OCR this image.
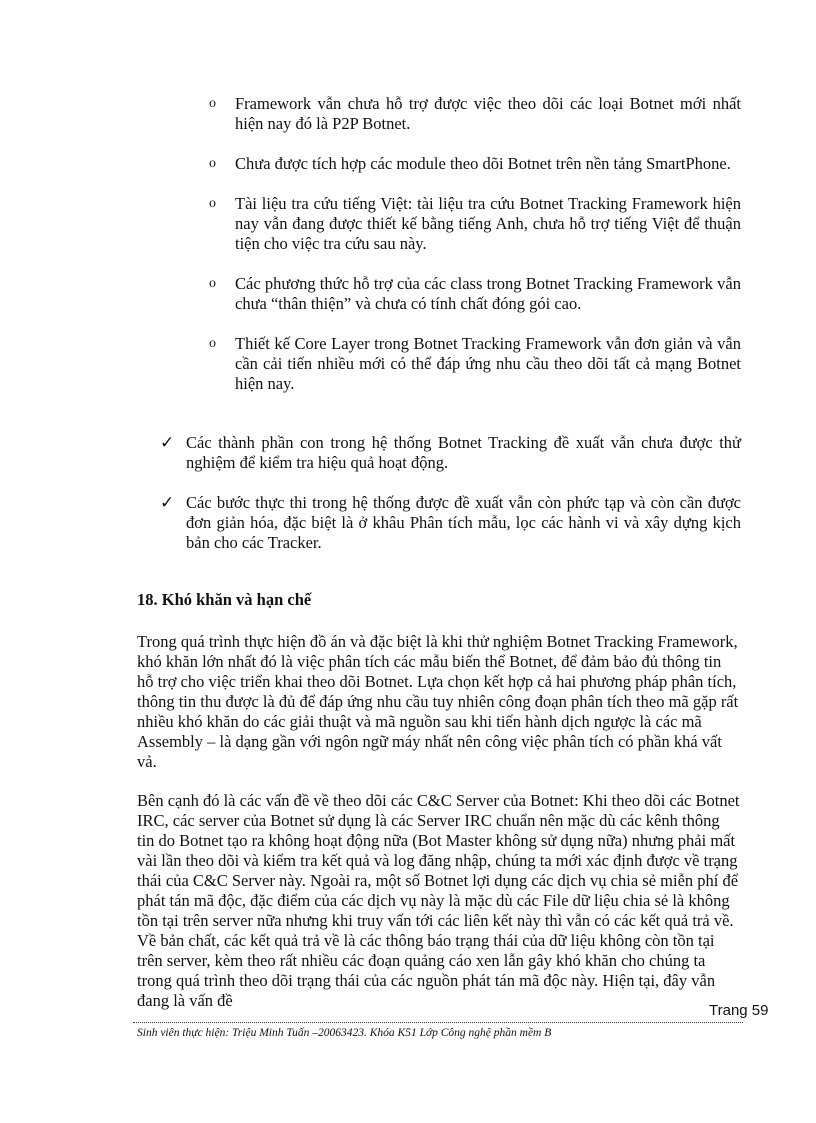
o Framework vẫn chưa hỗ trợ được việc theo dõi các loại Botnet mới nhất hiện nay đó là P2P Botnet.
o Chưa được tích hợp các module theo dõi Botnet trên nền tảng SmartPhone.
o Tài liệu tra cứu tiếng Việt: tài liệu tra cứu Botnet Tracking Framework hiện nay vẫn đang được thiết kế bằng tiếng Anh, chưa hỗ trợ tiếng Việt để thuận tiện cho việc tra cứu sau này.
o Các phương thức hỗ trợ của các class trong Botnet Tracking Framework vẫn chưa “thân thiện” và chưa có tính chất đóng gói cao.
o Thiết kế Core Layer trong Botnet Tracking Framework vẫn đơn giản và vẫn cần cải tiến nhiều mới có thể đáp ứng nhu cầu theo dõi tất cả mạng Botnet hiện nay.
✓ Các thành phần con trong hệ thống Botnet Tracking đề xuất vẫn chưa được thử nghiệm để kiểm tra hiệu quả hoạt động.
✓ Các bước thực thi trong hệ thống được đề xuất vẫn còn phức tạp và còn cần được đơn giản hóa, đặc biệt là ở khâu Phân tích mẫu, lọc các hành vi và xây dựng kịch bản cho các Tracker.
18. Khó khăn và hạn chế

Trong quá trình thực hiện đồ án và đặc biệt là khi thử nghiệm Botnet Tracking Framework, khó khăn lớn nhất đó là việc phân tích các mẫu biến thể Botnet, để đảm bảo đủ thông tin hỗ trợ cho việc triển khai theo dõi Botnet. Lựa chọn kết hợp cả hai phương pháp phân tích, thông tin thu được là đủ để đáp ứng nhu cầu tuy nhiên công đoạn phân tích theo mã gặp rất nhiều khó khăn do các giải thuật và mã nguồn sau khi tiến hành dịch ngược là các mã Assembly – là dạng gần với ngôn ngữ máy nhất nên công việc phân tích có phần khá vất vả.

Bên cạnh đó là các vấn đề về theo dõi các C&C Server của Botnet: Khi theo dõi các Botnet IRC, các server của Botnet sử dụng là các Server IRC chuẩn nên mặc dù các kênh thông tin do Botnet tạo ra không hoạt động nữa (Bot Master không sử dụng nữa) nhưng phải mất vài lần theo dõi và kiểm tra kết quả và log đăng nhập, chúng ta mới xác định được về trạng thái của C&C Server này. Ngoài ra, một số Botnet lợi dụng các dịch vụ chia sẻ miễn phí để phát tán mã độc, đặc điểm của các dịch vụ này là mặc dù các File dữ liệu chia sẻ là không tồn tại trên server nữa nhưng khi truy vấn tới các liên kết này thì vẫn có các kết quả trả về. Về bản chất, các kết quả trả về là các thông báo trạng thái của dữ liệu không còn tồn tại trên server, kèm theo rất nhiều các đoạn quảng cáo xen lẫn gây khó khăn cho chúng ta trong quá trình theo dõi trạng thái của các nguồn phát tán mã độc này. Hiện tại, đây vẫn đang là vấn đề

Trang 59
Sinh viên thực hiện: Triệu Minh Tuấn –20063423. Khóa K51 Lớp Công nghệ phần mềm B
